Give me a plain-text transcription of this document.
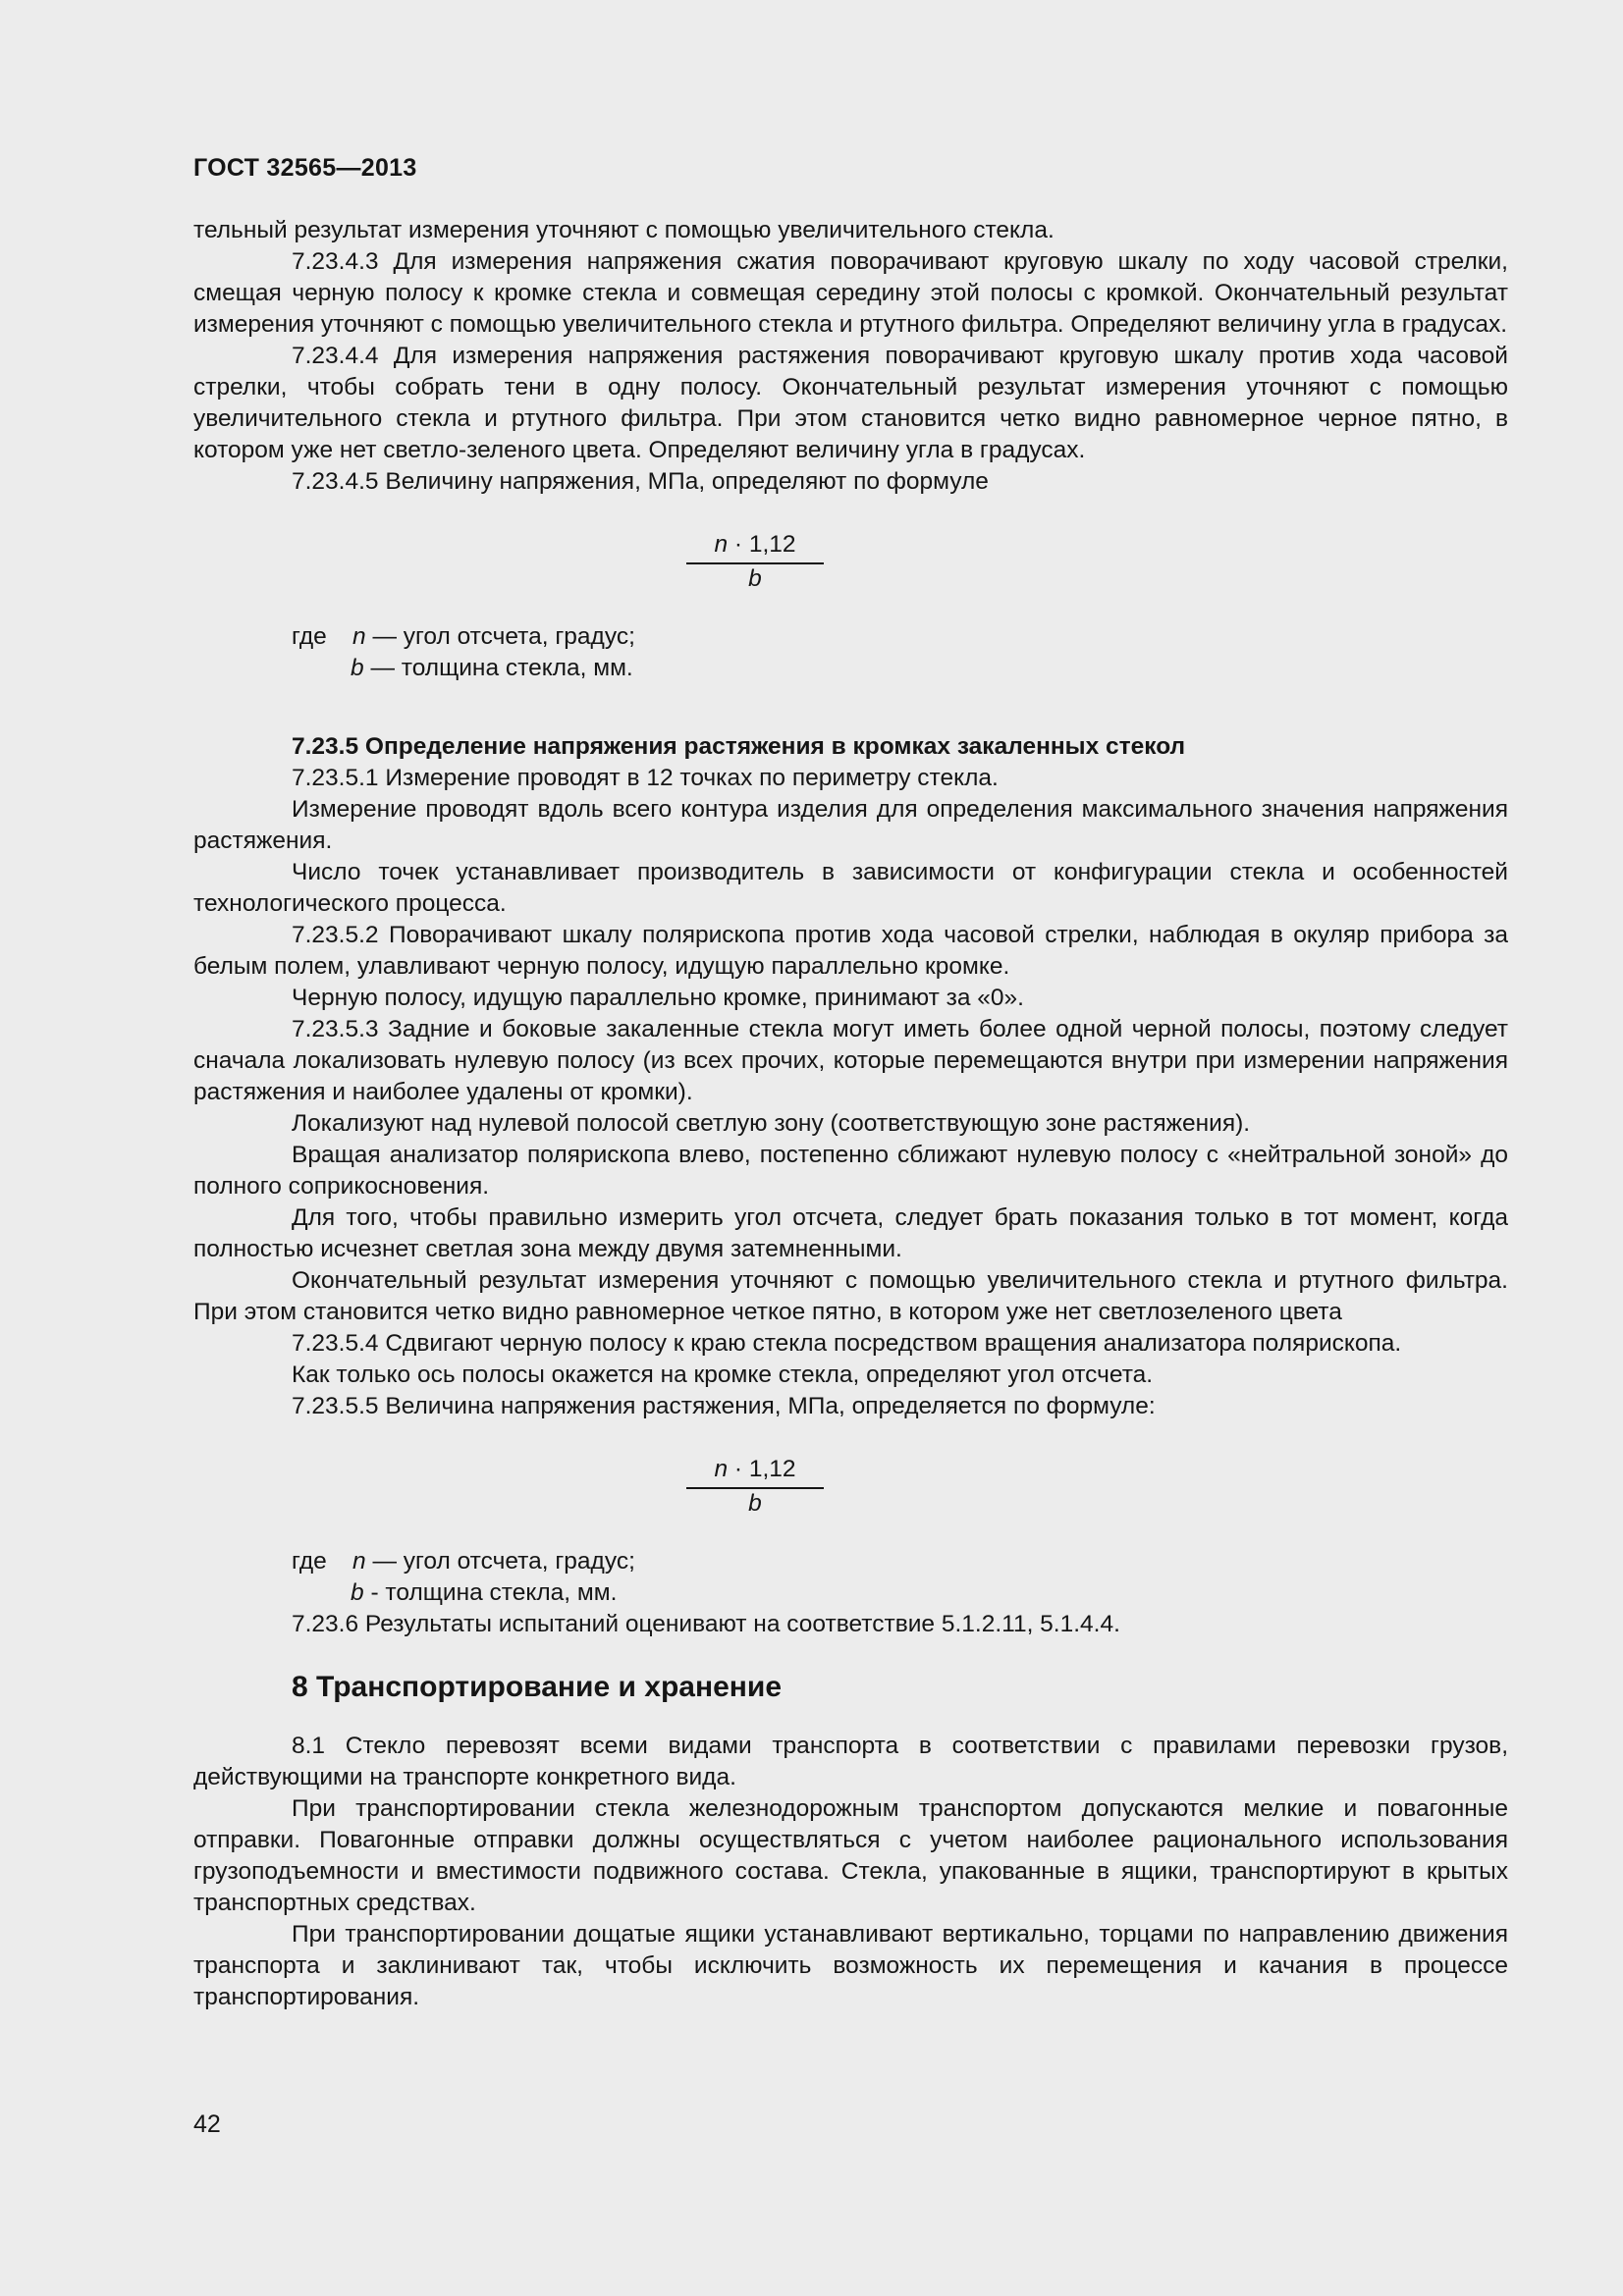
ГОСТ 32565—2013

тельный результат измерения уточняют с помощью увеличительного стекла.

7.23.4.3 Для измерения напряжения сжатия поворачивают круговую шкалу по ходу часовой стрелки, смещая черную полосу к кромке стекла и совмещая середину этой полосы с кромкой. Окончательный результат измерения уточняют с помощью увеличительного стекла и ртутного фильтра. Определяют величину угла в градусах.

7.23.4.4 Для измерения напряжения растяжения поворачивают круговую шкалу против хода часовой стрелки, чтобы собрать тени в одну полосу. Окончательный результат измерения уточняют с помощью увеличительного стекла и ртутного фильтра. При этом становится четко видно равномерное черное пятно, в котором уже нет светло-зеленого цвета. Определяют величину угла в градусах.

7.23.4.5 Величину напряжения, МПа, определяют по формуле

n · 1,12
b
где n — угол отсчета, градус;
b — толщина стекла, мм.

7.23.5 Определение напряжения растяжения в кромках закаленных стекол

7.23.5.1 Измерение проводят в 12 точках по периметру стекла.

Измерение проводят вдоль всего контура изделия для определения максимального значения напряжения растяжения.

Число точек устанавливает производитель в зависимости от конфигурации стекла и особенностей технологического процесса.

7.23.5.2 Поворачивают шкалу полярископа против хода часовой стрелки, наблюдая в окуляр прибора за белым полем, улавливают черную полосу, идущую параллельно кромке.

Черную полосу, идущую параллельно кромке, принимают за «0».

7.23.5.3 Задние и боковые закаленные стекла могут иметь более одной черной полосы, поэтому следует сначала локализовать нулевую полосу (из всех прочих, которые перемещаются внутри при измерении напряжения растяжения и наиболее удалены от кромки).

Локализуют над нулевой полосой светлую зону (соответствующую зоне растяжения).

Вращая анализатор полярископа влево, постепенно сближают нулевую полосу с «нейтральной зоной» до полного соприкосновения.

Для того, чтобы правильно измерить угол отсчета, следует брать показания только в тот момент, когда полностью исчезнет светлая зона между двумя затемненными.

Окончательный результат измерения уточняют с помощью увеличительного стекла и ртутного фильтра. При этом становится четко видно равномерное четкое пятно, в котором уже нет светлозеленого цвета

7.23.5.4 Сдвигают черную полосу к краю стекла посредством вращения анализатора полярископа.

Как только ось полосы окажется на кромке стекла, определяют угол отсчета.

7.23.5.5 Величина напряжения растяжения, МПа, определяется по формуле:

n · 1,12
b
где n — угол отсчета, градус;
b - толщина стекла, мм.

7.23.6 Результаты испытаний оценивают на соответствие 5.1.2.11, 5.1.4.4.

8 Транспортирование и хранение

8.1 Стекло перевозят всеми видами транспорта в соответствии с правилами перевозки грузов, действующими на транспорте конкретного вида.

При транспортировании стекла железнодорожным транспортом допускаются мелкие и повагонные отправки. Повагонные отправки должны осуществляться с учетом наиболее рационального использования грузоподъемности и вместимости подвижного состава. Стекла, упакованные в ящики, транспортируют в крытых транспортных средствах.

При транспортировании дощатые ящики устанавливают вертикально, торцами по направлению движения транспорта и заклинивают так, чтобы исключить возможность их перемещения и качания в процессе транспортирования.

42
